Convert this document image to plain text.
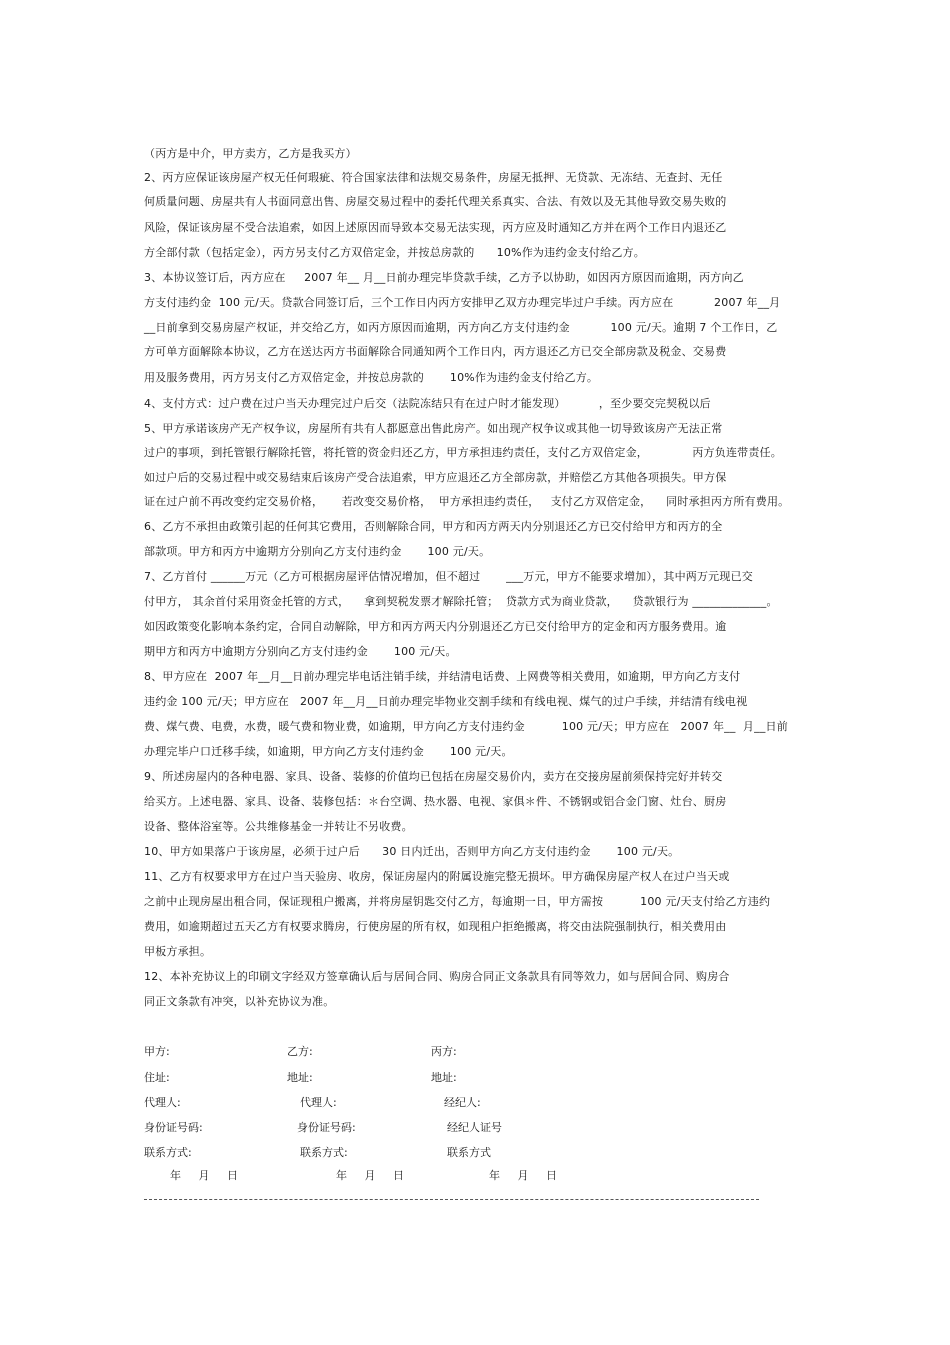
（丙方是中介，甲方卖方，乙方是我买方）
2、丙方应保证该房屋产权无任何瑕疵、符合国家法律和法规交易条件，房屋无抵押、无贷款、无冻结、无查封、无任
何质量问题、房屋共有人书面同意出售、房屋交易过程中的委托代理关系真实、合法、有效以及无其他导致交易失败的
风险，保证该房屋不受合法追索，如因上述原因而导致本交易无法实现，丙方应及时通知乙方并在两个工作日内退还乙
方全部付款（包括定金），丙方另支付乙方双倍定金，并按总房款的      10%作为违约金支付给乙方。
3、本协议签订后，丙方应在     2007 年__ 月__日前办理完毕贷款手续，乙方予以协助，如因丙方原因而逾期，丙方向乙
方支付违约金  100 元/天。贷款合同签订后，三个工作日内丙方安排甲乙双方办理完毕过户手续。丙方应在           2007 年__月
__日前拿到交易房屋产权证，并交给乙方，如丙方原因而逾期，丙方向乙方支付违约金           100 元/天。逾期 7 个工作日，乙
方可单方面解除本协议，乙方在送达丙方书面解除合同通知两个工作日内，丙方退还乙方已交全部房款及税金、交易费
用及服务费用，丙方另支付乙方双倍定金，并按总房款的       10%作为违约金支付给乙方。
4、支付方式：过户费在过户当天办理完过户后交（法院冻结只有在过户时才能发现）         ，至少要交完契税以后
5、甲方承诺该房产无产权争议，房屋所有共有人都愿意出售此房产。如出现产权争议或其他一切导致该房产无法正常
过户的事项，到托管银行解除托管，将托管的资金归还乙方，甲方承担违约责任，支付乙方双倍定金，            丙方负连带责任。
如过户后的交易过程中或交易结束后该房产受合法追索，甲方应退还乙方全部房款，并赔偿乙方其他各项损失。甲方保
证在过户前不再改变约定交易价格，     若改变交易价格，  甲方承担违约责任，   支付乙方双倍定金，    同时承担丙方所有费用。
6、乙方不承担由政策引起的任何其它费用，否则解除合同，甲方和丙方两天内分别退还乙方已交付给甲方和丙方的全
部款项。甲方和丙方中逾期方分别向乙方支付违约金       100 元/天。
7、乙方首付 ______万元（乙方可根据房屋评估情况增加，但不超过       ___万元，甲方不能要求增加），其中两万元现已交
付甲方， 其余首付采用资金托管的方式，    拿到契税发票才解除托管；  贷款方式为商业贷款，    贷款银行为 _____________。
如因政策变化影响本条约定，合同自动解除，甲方和丙方两天内分别退还乙方已交付给甲方的定金和丙方服务费用。逾
期甲方和丙方中逾期方分别向乙方支付违约金       100 元/天。
8、甲方应在  2007 年__月__日前办理完毕电话注销手续，并结清电话费、上网费等相关费用，如逾期，甲方向乙方支付
违约金 100 元/天；甲方应在   2007 年__月__日前办理完毕物业交割手续和有线电视、煤气的过户手续，并结清有线电视
费、煤气费、电费，水费，暖气费和物业费，如逾期，甲方向乙方支付违约金          100 元/天；甲方应在   2007 年__  月__日前
办理完毕户口迁移手续，如逾期，甲方向乙方支付违约金       100 元/天。
9、所述房屋内的各种电器、家具、设备、装修的价值均已包括在房屋交易价内，卖方在交接房屋前须保持完好并转交
给买方。上述电器、家具、设备、装修包括：＊台空调、热水器、电视、家俱＊件、不锈钢或铝合金门窗、灶台、厨房
设备、整体浴室等。公共维修基金一并转让不另收费。
10、甲方如果落户于该房屋，必须于过户后      30 日内迁出，否则甲方向乙方支付违约金       100 元/天。
11、乙方有权要求甲方在过户当天验房、收房，保证房屋内的附属设施完整无损坏。甲方确保房屋产权人在过户当天或
之前中止现房屋出租合同，保证现租户搬离，并将房屋钥匙交付乙方，每逾期一日，甲方需按          100 元/天支付给乙方违约
费用，如逾期超过五天乙方有权要求腾房，行使房屋的所有权，如现租户拒绝搬离，将交由法院强制执行，相关费用由
甲板方承担。
12、本补充协议上的印刷文字经双方签章确认后与居间合同、购房合同正文条款具有同等效力，如与居间合同、购房合
同正文条款有冲突，以补充协议为准。
甲方:
住址:
代理人:
身份证号码:
联系方式:
乙方:
地址:
代理人:
身份证号码:
联系方式:
丙方:
地址:
经纪人:
经纪人证号
联系方式
年     月     日	年     月     日	年     月     日
